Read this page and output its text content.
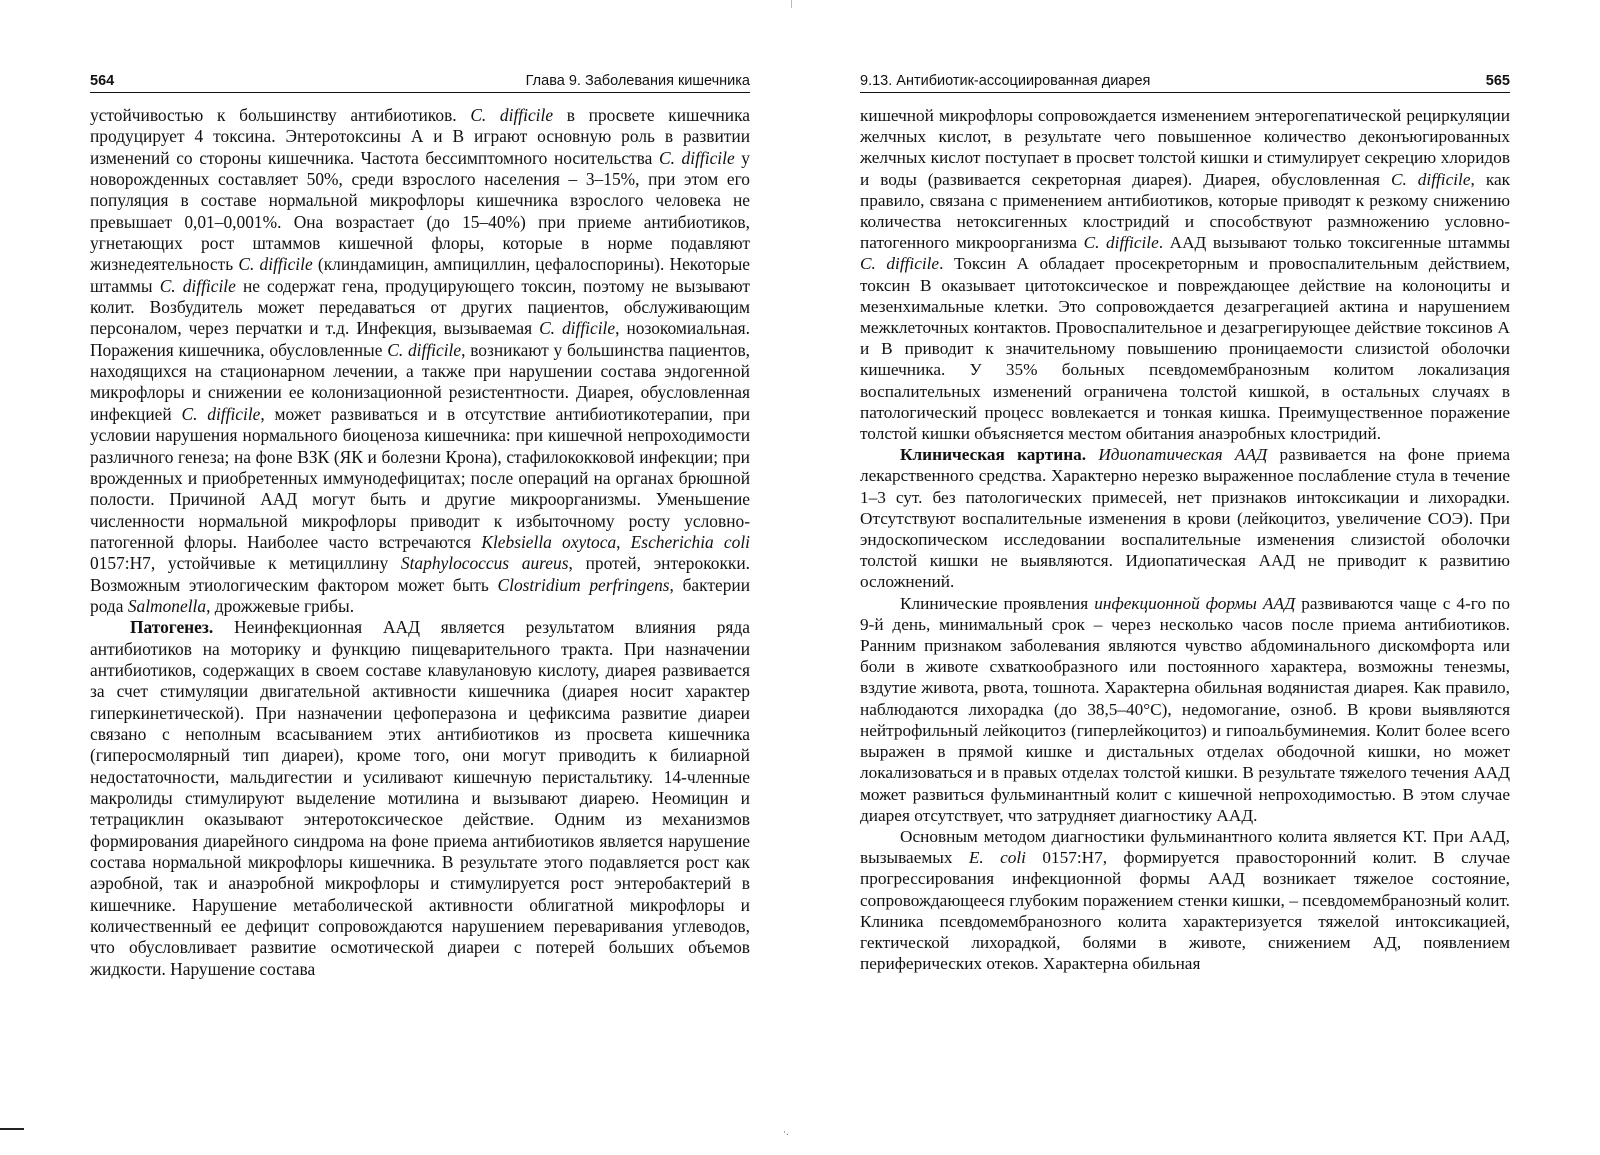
564	Глава 9. Заболевания кишечника

устойчивостью к большинству антибиотиков. C. difficile в просвете кишечника продуцирует 4 токсина. Энтеротоксины А и В играют основную роль в развитии изменений со стороны кишечника. Частота бессимптомного носительства C. difficile у новорожденных составляет 50%, среди взрослого населения – 3–15%, при этом его популяция в составе нормальной микрофлоры кишечника взрослого человека не превышает 0,01–0,001%. Она возрастает (до 15–40%) при приеме антибиотиков, угнетающих рост штаммов кишечной флоры, которые в норме подавляют жизнедеятельность C. difficile (клиндамицин, ампициллин, цефалоспорины). Некоторые штаммы C. difficile не содержат гена, продуцирующего токсин, поэтому не вызывают колит. Возбудитель может передаваться от других пациентов, обслуживающим персоналом, через перчатки и т.д. Инфекция, вызываемая C. difficile, нозокомиальная. Поражения кишечника, обусловленные C. difficile, возникают у большинства пациентов, находящихся на стационарном лечении, а также при нарушении состава эндогенной микрофлоры и снижении ее колонизационной резистентности. Диарея, обусловленная инфекцией C. difficile, может развиваться и в отсутствие антибиотикотерапии, при условии нарушения нормального биоценоза кишечника: при кишечной непроходимости различного генеза; на фоне ВЗК (ЯК и болезни Крона), стафилококковой инфекции; при врожденных и приобретенных иммунодефицитах; после операций на органах брюшной полости. Причиной ААД могут быть и другие микроорганизмы. Уменьшение численности нормальной микрофлоры приводит к избыточному росту условно-патогенной флоры. Наиболее часто встречаются Klebsiella oxytoca, Escherichia coli 0157:H7, устойчивые к метициллину Staphylococcus aureus, протей, энтерококки. Возможным этиологическим фактором может быть Clostridium perfringens, бактерии рода Salmonella, дрожжевые грибы.

Патогенез. Неинфекционная ААД является результатом влияния ряда антибиотиков на моторику и функцию пищеварительного тракта. При назначении антибиотиков, содержащих в своем составе клавулановую кислоту, диарея развивается за счет стимуляции двигательной активности кишечника (диарея носит характер гиперкинетической). При назначении цефоперазона и цефиксима развитие диареи связано с неполным всасыванием этих антибиотиков из просвета кишечника (гиперосмолярный тип диареи), кроме того, они могут приводить к билиарной недостаточности, мальдигестии и усиливают кишечную перистальтику. 14-членные макролиды стимулируют выделение мотилина и вызывают диарею. Неомицин и тетрациклин оказывают энтеротоксическое действие. Одним из механизмов формирования диарейного синдрома на фоне приема антибиотиков является нарушение состава нормальной микрофлоры кишечника. В результате этого подавляется рост как аэробной, так и анаэробной микрофлоры и стимулируется рост энтеробактерий в кишечнике. Нарушение метаболической активности облигатной микрофлоры и количественный ее дефицит сопровождаются нарушением переваривания углеводов, что обусловливает развитие осмотической диареи с потерей больших объемов жидкости. Нарушение состава

9.13. Антибиотик-ассоциированная диарея	565

кишечной микрофлоры сопровождается изменением энтерогепатической рециркуляции желчных кислот, в результате чего повышенное количество деконъюгированных желчных кислот поступает в просвет толстой кишки и стимулирует секрецию хлоридов и воды (развивается секреторная диарея). Диарея, обусловленная C. difficile, как правило, связана с применением антибиотиков, которые приводят к резкому снижению количества нетоксигенных клостридий и способствуют размножению условно-патогенного микроорганизма C. difficile. ААД вызывают только токсигенные штаммы C. difficile. Токсин А обладает просекреторным и провоспалительным действием, токсин В оказывает цитотоксическое и повреждающее действие на колоноциты и мезенхимальные клетки. Это сопровождается дезагрегацией актина и нарушением межклеточных контактов. Провоспалительное и дезагрегирующее действие токсинов А и В приводит к значительному повышению проницаемости слизистой оболочки кишечника. У 35% больных псевдомембранозным колитом локализация воспалительных изменений ограничена толстой кишкой, в остальных случаях в патологический процесс вовлекается и тонкая кишка. Преимущественное поражение толстой кишки объясняется местом обитания анаэробных клостридий.

Клиническая картина. Идиопатическая ААД развивается на фоне приема лекарственного средства. Характерно нерезко выраженное послабление стула в течение 1–3 сут. без патологических примесей, нет признаков интоксикации и лихорадки. Отсутствуют воспалительные изменения в крови (лейкоцитоз, увеличение СОЭ). При эндоскопическом исследовании воспалительные изменения слизистой оболочки толстой кишки не выявляются. Идиопатическая ААД не приводит к развитию осложнений.

Клинические проявления инфекционной формы ААД развиваются чаще с 4-го по 9-й день, минимальный срок – через несколько часов после приема антибиотиков. Ранним признаком заболевания являются чувство абдоминального дискомфорта или боли в животе схваткообразного или постоянного характера, возможны тенезмы, вздутие живота, рвота, тошнота. Характерна обильная водянистая диарея. Как правило, наблюдаются лихорадка (до 38,5–40°С), недомогание, озноб. В крови выявляются нейтрофильный лейкоцитоз (гиперлейкоцитоз) и гипоальбуминемия. Колит более всего выражен в прямой кишке и дистальных отделах ободочной кишки, но может локализоваться и в правых отделах толстой кишки. В результате тяжелого течения ААД может развиться фульминантный колит с кишечной непроходимостью. В этом случае диарея отсутствует, что затрудняет диагностику ААД.

Основным методом диагностики фульминантного колита является КТ. При ААД, вызываемых E. coli 0157:H7, формируется правосторонний колит. В случае прогрессирования инфекционной формы ААД возникает тяжелое состояние, сопровождающееся глубоким поражением стенки кишки, – псевдомембранозный колит. Клиника псевдомембранозного колита характеризуется тяжелой интоксикацией, гектической лихорадкой, болями в животе, снижением АД, появлением периферических отеков. Характерна обильная

·.
